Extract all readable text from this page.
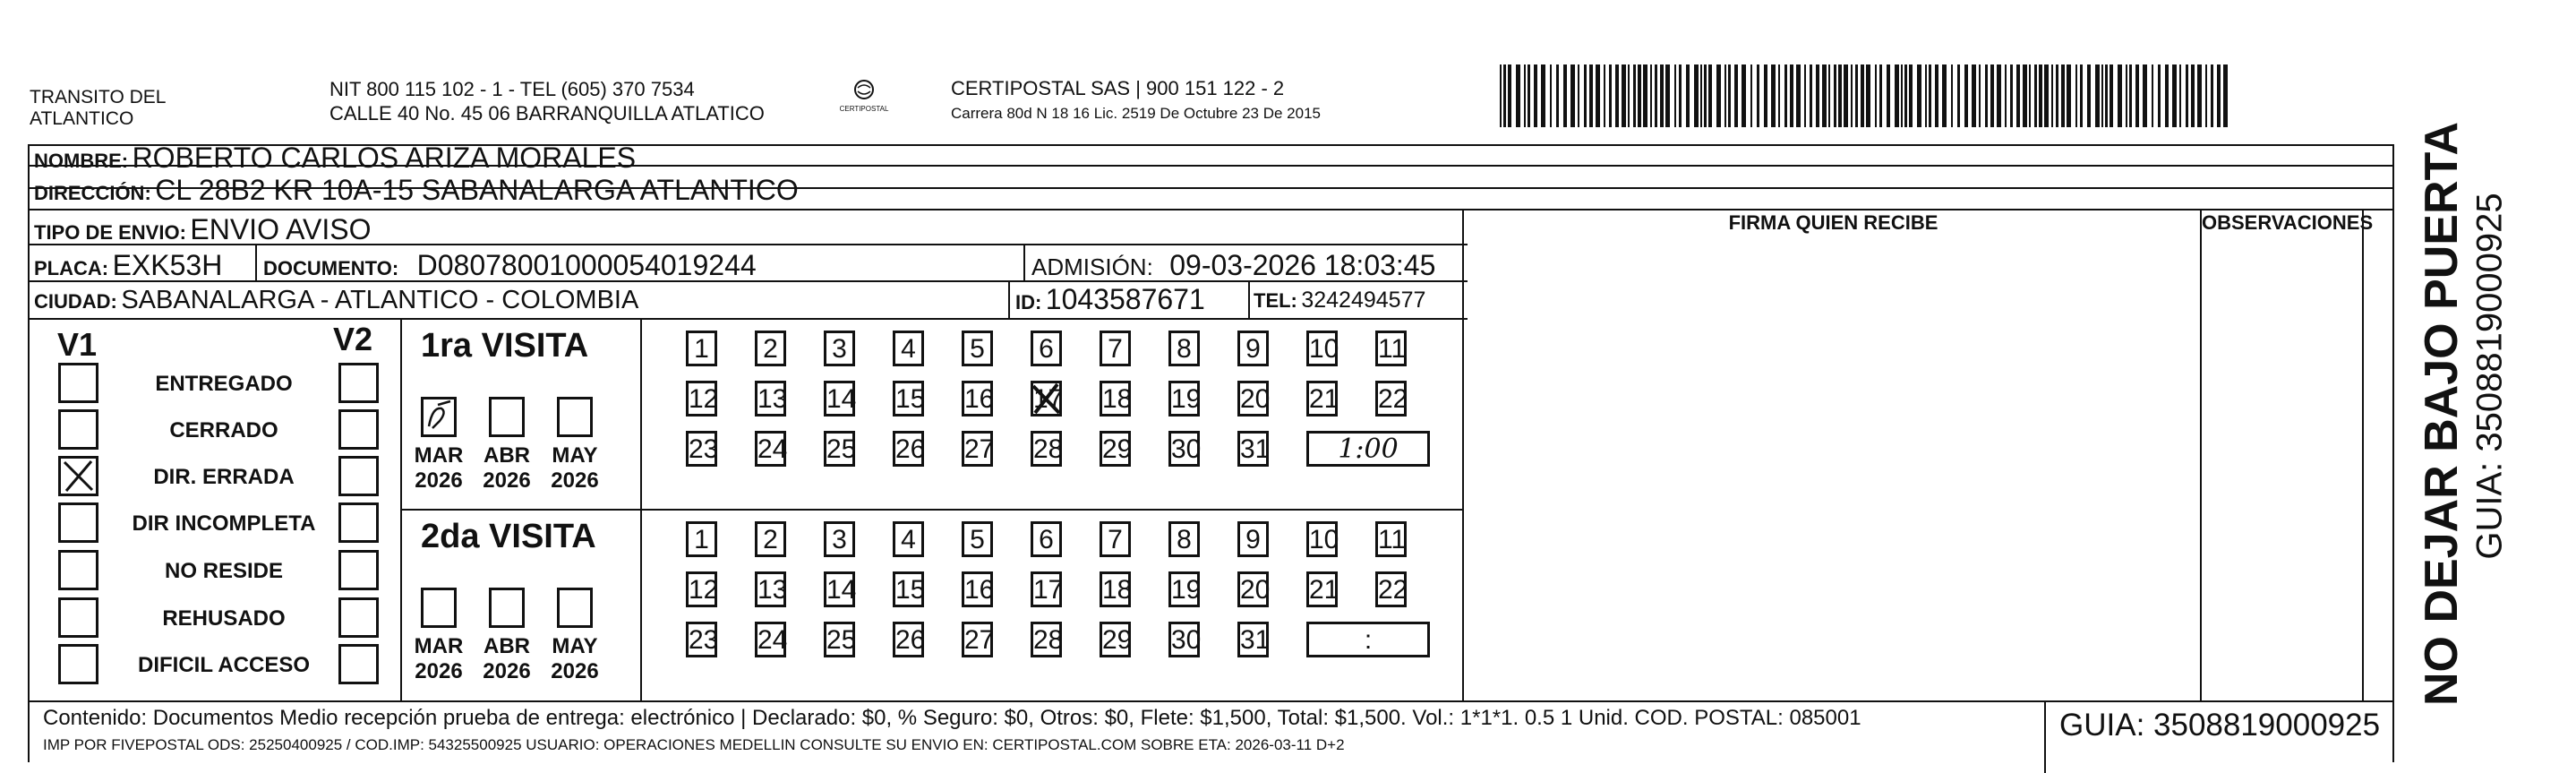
TRANSITO DEL
ATLANTICO
NIT 800 115 102 - 1 - TEL (605) 370 7534
CALLE 40 No. 45 06 BARRANQUILLA ATLATICO	CERTIPOSTAL
CERTIPOSTAL SAS | 900 151 122 - 2
Carrera 80d N 18 16 Lic. 2519 De Octubre 23 De 2015
NOMBRE: ROBERTO CARLOS ARIZA MORALES
DIRECCIÓN: CL 28B2 KR 10A-15 SABANALARGA ATLANTICO
TIPO DE ENVIO: ENVIO AVISO	FIRMA QUIEN RECIBE	OBSERVACIONES
PLACA: EXK53H DOCUMENTO: D08078001000054019244	ADMISIÓN: 09-03-2026 18:03:45
CIUDAD: SABANALARGA - ATLANTICO - COLOMBIA	ID: 1043587671 TEL: 3242494577
V1	V2
ENTREGADO
CERRADO
DIR. ERRADA
DIR INCOMPLETA
NO RESIDE
REHUSADO
DIFICIL ACCESO
1ra VISITA
MAR
2026
ABR
2026
MAY
2026
1	2	3	4	5	6	7	8	9	10 11
12 13 14 15 16 17 18 19 20 21 22
23 24 25 26 27 28 29 30 31	1:00
2da VISITA
MAR
2026
ABR
2026
MAY
2026
1	2	3	4	5	6	7	8	9	10 11
12 13 14 15 16 17 18 19 20 21 22
23 24 25 26 27 28 29 30 31	:
Contenido: Documentos Medio recepción prueba de entrega: electrónico | Declarado: $0, % Seguro: $0, Otros: $0, Flete: $1,500, Total: $1,500. Vol.: 1*1*1. 0.5 1 Unid. COD. POSTAL: 085001
IMP POR FIVEPOSTAL ODS: 25250400925 / COD.IMP: 54325500925 USUARIO: OPERACIONES MEDELLIN CONSULTE SU ENVIO EN: CERTIPOSTAL.COM SOBRE ETA: 2026-03-11 D+2
GUIA: 3508819000925
NO DEJAR BAJO PUERTA GUIA: 3508819000925
